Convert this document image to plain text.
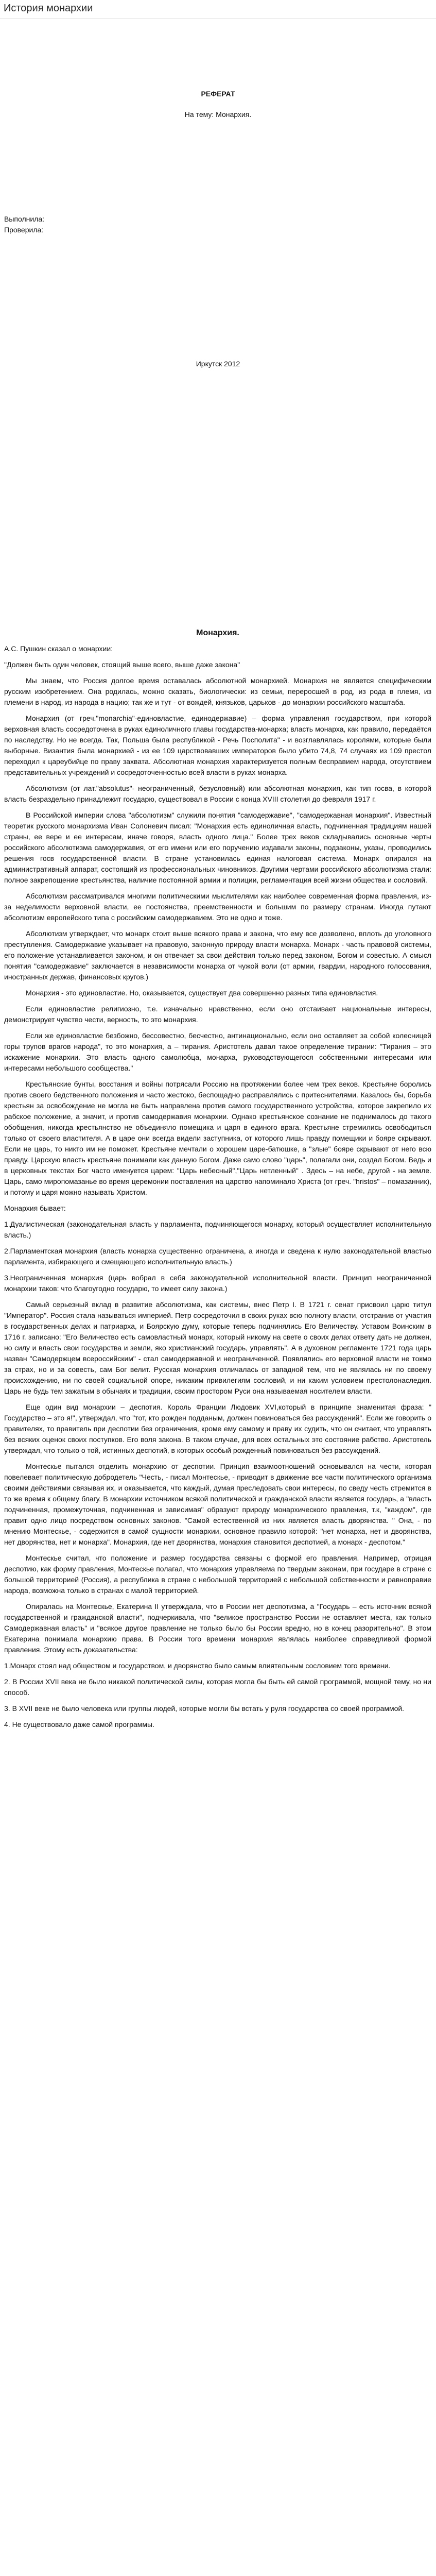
История монархии
РЕФЕРАТ
На тему: Монархия.
Выполнила:
Проверила:
Иркутск 2012

Монархия.

А.С. Пушкин сказал о монархии:

"Должен быть один человек, стоящий выше всего, выше даже закона"

Мы знаем, что Россия долгое время оставалась абсолютной монархией. Монархия не является специфическим русским изобретением. Она родилась, можно сказать, биологически: из семьи, переросшей в род, из рода в племя, из племени в народ, из народа в нацию; так же и тут - от вождей, князьков, царьков - до монархии российского масштаба.

Монархия (от греч."monarchia"-единовластие, единодержавие) – форма управления государством, при которой верховная власть сосредоточена в руках единоличного главы государства-монарха; власть монарха, как правило, передаётся по наследству. Но не всегда. Так, Польша была республикой - Речь Посполита" - и возглавлялась королями, которые были выборные. Византия была монархией - из ее 109 царствовавших императоров было убито 74,8, 74 случаях из 109 престол переходил к цареубийце по праву захвата. Абсолютная монархия характеризуется полным бесправием народа, отсутствием представительных учреждений и сосредоточенностью всей власти в руках монарха.

Абсолютизм (от лат."absolutus"- неограниченный, безусловный) или абсолютная монархия, как тип госва, в которой власть безраздельно принадлежит государю, существовал в России с конца XVIII столетия до февраля 1917 г.

В Российской империи слова "абсолютизм" служили понятия "самодержавие", "самодержавная монархия". Известный теоретик русского монархизма Иван Солоневич писал: "Монархия есть единоличная власть, подчиненная традициям нашей страны, ее вере и ее интересам, иначе говоря, власть одного лица." Более трех веков складывались основные черты российского абсолютизма самодержавия, от его имени или его поручению издавали законы, подзаконы, указы, проводились решения госв государственной власти. В стране установилась единая налоговая система. Монарх опирался на административный аппарат, состоящий из профессиональных чиновников. Другими чертами российского абсолютизма стали: полное закрепощение крестьянства, наличие постоянной армии и полиции, регламентация всей жизни общества и сословий.

Абсолютизм рассматривался многими политическими мыслителями как наиболее современная форма правления, из-за неделимости верховной власти, ее постоянства, преемственности и большим по размеру странам. Иногда путают абсолютизм европейского типа с российским самодержавием. Это не одно и тоже.

Абсолютизм утверждает, что монарх стоит выше всякого права и закона, что ему все дозволено, вплоть до уголовного преступления. Самодержавие указывает на правовую, законную природу власти монарха. Монарх - часть правовой системы, его положение устанавливается законом, и он отвечает за свои действия только перед законом, Богом и совестью. А смысл понятия "самодержавие" заключается в независимости монарха от чужой воли (от армии, гвардии, народного голосования, иностранных держав, финансовых кругов.)

Монархия - это единовластие. Но, оказывается, существует два совершенно разных типа единовластия.

Если единовластие религиозно, т.е. изначально нравственно, если оно отстаивает национальные интересы, демонстрирует чувство чести, верность, то это монархия.

Если же единовластие безбожно, бессовестно, бесчестно, антинационально, если оно оставляет за собой колесницей горы трупов врагов народа", то это монархия, а – тирания. Аристотель давал такое определение тирании: "Тирания – это искажение монархии. Это власть одного самолюбца, монарха, руководствующегося собственными интересами или интересами небольшого сообщества."

Крестьянские бунты, восстания и войны потрясали Россию на протяжении более чем трех веков. Крестьяне боролись против своего бедственного положения и часто жестоко, беспощадно расправлялись с притеснителями. Казалось бы, борьба крестьян за освобождение не могла не быть направлена против самого государственного устройства, которое закрепило их рабское положение, а значит, и против самодержавия монархии. Однако крестьянское сознание не поднималось до такого обобщения, никогда крестьянство не объединяло помещика и царя в единого врага. Крестьяне стремились освободиться только от своего властителя. А в царе они всегда видели заступника, от которого лишь правду помещики и бояре скрывают. Если не царь, то никто им не поможет. Крестьяне мечтали о хорошем царе-батюшке, а "злые" бояре скрывают от него всю правду. Царскую власть крестьяне понимали как данную Богом. Даже само слово "царь", полагали они, создал Богом. Ведь и в церковных текстах Бог часто именуется царем: "Царь небесный","Царь нетленный" . Здесь – на небе, другой - на земле. Царь, само миропомазанье во время церемонии поставления на царство напоминало Христа (от греч. "hristos" – помазанник), и потому и царя можно называть Христом.

Монархия бывает:

1.Дуалистическая (законодательная власть у парламента, подчиняющегося монарху, который осуществляет исполнительную власть.)

2.Парламентская монархия (власть монарха существенно ограничена, а иногда и сведена к нулю законодательной властью парламента, избирающего и смещающего исполнительную власть.)

3.Неограниченная монархия (царь вобрал в себя законодательной исполнительной власти. Принцип неограниченной монархии таков: что благоугодно государю, то имеет силу закона.)

Самый серьезный вклад в развитие абсолютизма, как системы, внес Петр I. В 1721 г. сенат присвоил царю титул "Император". Россия стала называться империей. Петр сосредоточил в своих руках всю полноту власти, отстранив от участия в государственных делах и патриарха, и Боярскую думу, которые теперь подчинялись Его Величеству. Уставом Воинским в 1716 г. записано: "Его Величество есть самовластный монарх, который никому на свете о своих делах ответу дать не должен, но силу и власть свои государства и земли, яко христианский государь, управлять". А в духовном регламенте 1721 года царь назван "Самодержцем всероссийским" - стал самодержавной и неограниченной. Появлялись его верховной власти не токмо за страх, но и за совесть, сам Бог велит. Русская монархия отличалась от западной тем, что не являлась ни по своему происхождению, ни по своей социальной опоре, никаким привилегиям сословий, и ни каким условием престолонаследия. Царь не будь тем зажатым в обычаях и традиции, своим простором Руси она называемая носителем власти.

Еще один вид монархии – деспотия. Король Франции Людовик XVI,который в принципе знаменитая фраза: " Государство – это я!", утверждал, что "тот, кто рожден подданым, должен повиноваться без рассуждений". Если же говорить о правителях, то правитель при деспотии без ограничения, кроме ему самому и праву их судить, что он считает, что управлять без всяких оценок своих поступков. Его воля закона. В таком случае, для всех остальных это состояние рабство. Аристотель утверждал, что только о той, истинных деспотий, в которых особый рожденный повиноваться без рассуждений.

Монтескье пытался отделить монархию от деспотии. Принцип взаимоотношений основывался на чести, которая повелевает политическую добродетель "Честь, - писал Монтескье, - приводит в движение все части политического организма своими действиями связывая их, и оказывается, что каждый, думая преследовать свои интересы, по сведу честь стремится в то же время к общему благу. В монархии источником всякой политической и гражданской власти является государь, а "власть подчиненная, промежуточная, подчиненная и зависимая" образуют природу монархического правления, т.к, "каждом", где правит одно лицо посредством основных законов. "Самой естественной из них является власть дворянства. " Она, - по мнению Монтескье, - содержится в самой сущности монархии, основное правило которой: "нет монарха, нет и дворянства, нет дворянства, нет и монарха". Монархия, где нет дворянства, монархия становится деспотией, а монарх - деспотом."

Монтескье считал, что положение и размер государства связаны с формой его правления. Например, отрицая деспотию, как форму правления, Монтескье полагал, что монархия управляема по твердым законам, при государе в стране с большой территорией (Россия), а республика в стране с небольшой территорией с небольшой собственности и равноправие народа, возможна только в странах с малой территорией.

Опиралась на Монтескье, Екатерина II утверждала, что в России нет деспотизма, а "Государь – есть источник всякой государственной и гражданской власти", подчеркивала, что "великое пространство России не оставляет места, как только Самодержавная власть" и "всякое другое правление не только было бы России вредно, но в конец разорительно". В этом Екатерина понимала монархию права. В России того времени монархия являлась наиболее справедливой формой правления. Этому есть доказательства:

1.Монарх стоял над обществом и государством, и дворянство было самым влиятельным сословием того времени.

2. В России XVII века не было никакой политической силы, которая могла бы быть ей самой программой, мощной тему, но ни способ.

3. В XVII веке не было человека или группы людей, которые могли бы встать у руля государства со своей программой.

4. Не существовало даже самой программы.
